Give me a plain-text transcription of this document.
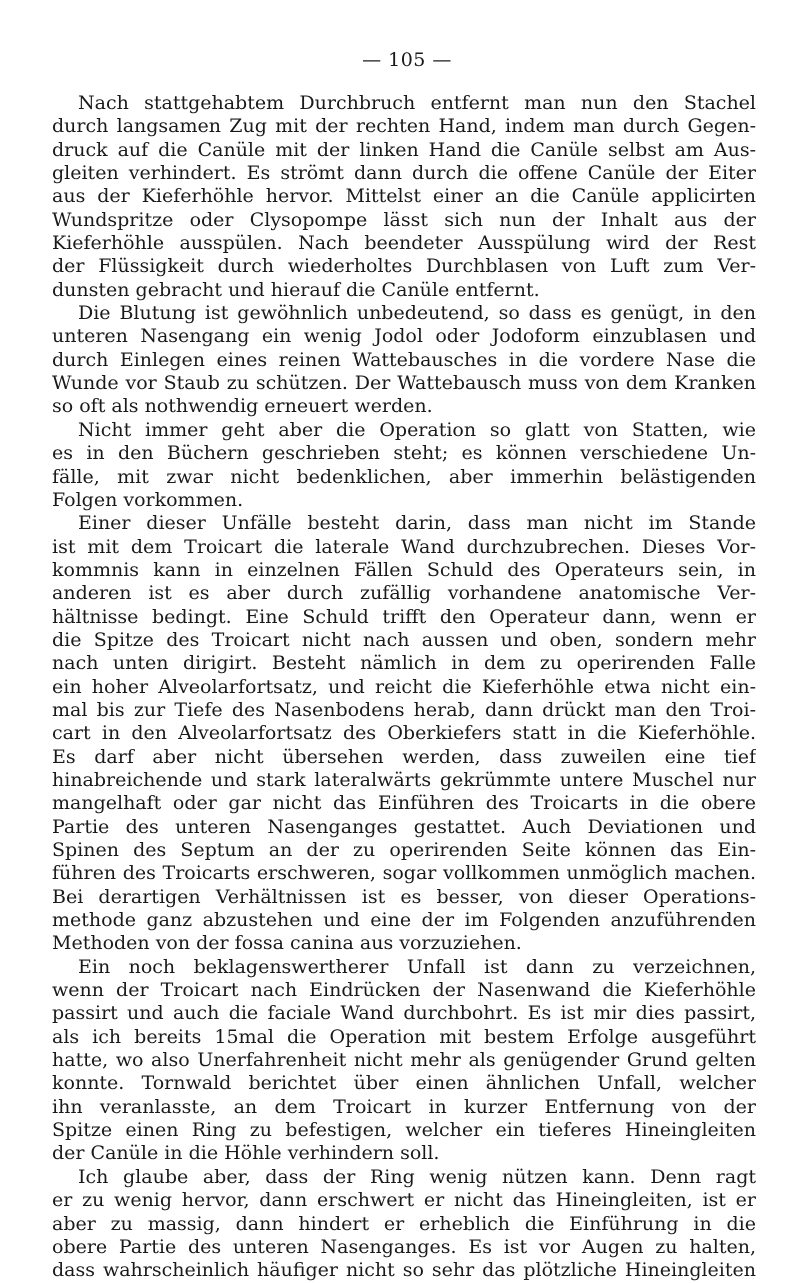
— 105 —
Nach stattgehabtem Durchbruch entfernt man nun den Stachel
durch langsamen Zug mit der rechten Hand, indem man durch Gegen-
druck auf die Canüle mit der linken Hand die Canüle selbst am Aus-
gleiten verhindert. Es strömt dann durch die offene Canüle der Eiter
aus der Kieferhöhle hervor. Mittelst einer an die Canüle applicirten
Wundspritze oder Clysopompe lässt sich nun der Inhalt aus der
Kieferhöhle ausspülen. Nach beendeter Ausspülung wird der Rest
der Flüssigkeit durch wiederholtes Durchblasen von Luft zum Ver-
dunsten gebracht und hierauf die Canüle entfernt.
Die Blutung ist gewöhnlich unbedeutend, so dass es genügt, in den
unteren Nasengang ein wenig Jodol oder Jodoform einzublasen und
durch Einlegen eines reinen Wattebausches in die vordere Nase die
Wunde vor Staub zu schützen. Der Wattebausch muss von dem Kranken
so oft als nothwendig erneuert werden.
Nicht immer geht aber die Operation so glatt von Statten, wie
es in den Büchern geschrieben steht; es können verschiedene Un-
fälle, mit zwar nicht bedenklichen, aber immerhin belästigenden
Folgen vorkommen.
Einer dieser Unfälle besteht darin, dass man nicht im Stande
ist mit dem Troicart die laterale Wand durchzubrechen. Dieses Vor-
kommnis kann in einzelnen Fällen Schuld des Operateurs sein, in
anderen ist es aber durch zufällig vorhandene anatomische Ver-
hältnisse bedingt. Eine Schuld trifft den Operateur dann, wenn er
die Spitze des Troicart nicht nach aussen und oben, sondern mehr
nach unten dirigirt. Besteht nämlich in dem zu operirenden Falle
ein hoher Alveolarfortsatz, und reicht die Kieferhöhle etwa nicht ein-
mal bis zur Tiefe des Nasenbodens herab, dann drückt man den Troi-
cart in den Alveolarfortsatz des Oberkiefers statt in die Kieferhöhle.
Es darf aber nicht übersehen werden, dass zuweilen eine tief
hinabreichende und stark lateralwärts gekrümmte untere Muschel nur
mangelhaft oder gar nicht das Einführen des Troicarts in die obere
Partie des unteren Nasenganges gestattet. Auch Deviationen und
Spinen des Septum an der zu operirenden Seite können das Ein-
führen des Troicarts erschweren, sogar vollkommen unmöglich machen.
Bei derartigen Verhältnissen ist es besser, von dieser Operations-
methode ganz abzustehen und eine der im Folgenden anzuführenden
Methoden von der fossa canina aus vorzuziehen.
Ein noch beklagenswertherer Unfall ist dann zu verzeichnen,
wenn der Troicart nach Eindrücken der Nasenwand die Kieferhöhle
passirt und auch die faciale Wand durchbohrt. Es ist mir dies passirt,
als ich bereits 15mal die Operation mit bestem Erfolge ausgeführt
hatte, wo also Unerfahrenheit nicht mehr als genügender Grund gelten
konnte. Tornwald berichtet über einen ähnlichen Unfall, welcher
ihn veranlasste, an dem Troicart in kurzer Entfernung von der
Spitze einen Ring zu befestigen, welcher ein tieferes Hineingleiten
der Canüle in die Höhle verhindern soll.
Ich glaube aber, dass der Ring wenig nützen kann. Denn ragt
er zu wenig hervor, dann erschwert er nicht das Hineingleiten, ist er
aber zu massig, dann hindert er erheblich die Einführung in die
obere Partie des unteren Nasenganges. Es ist vor Augen zu halten,
dass wahrscheinlich häufiger nicht so sehr das plötzliche Hineingleiten
